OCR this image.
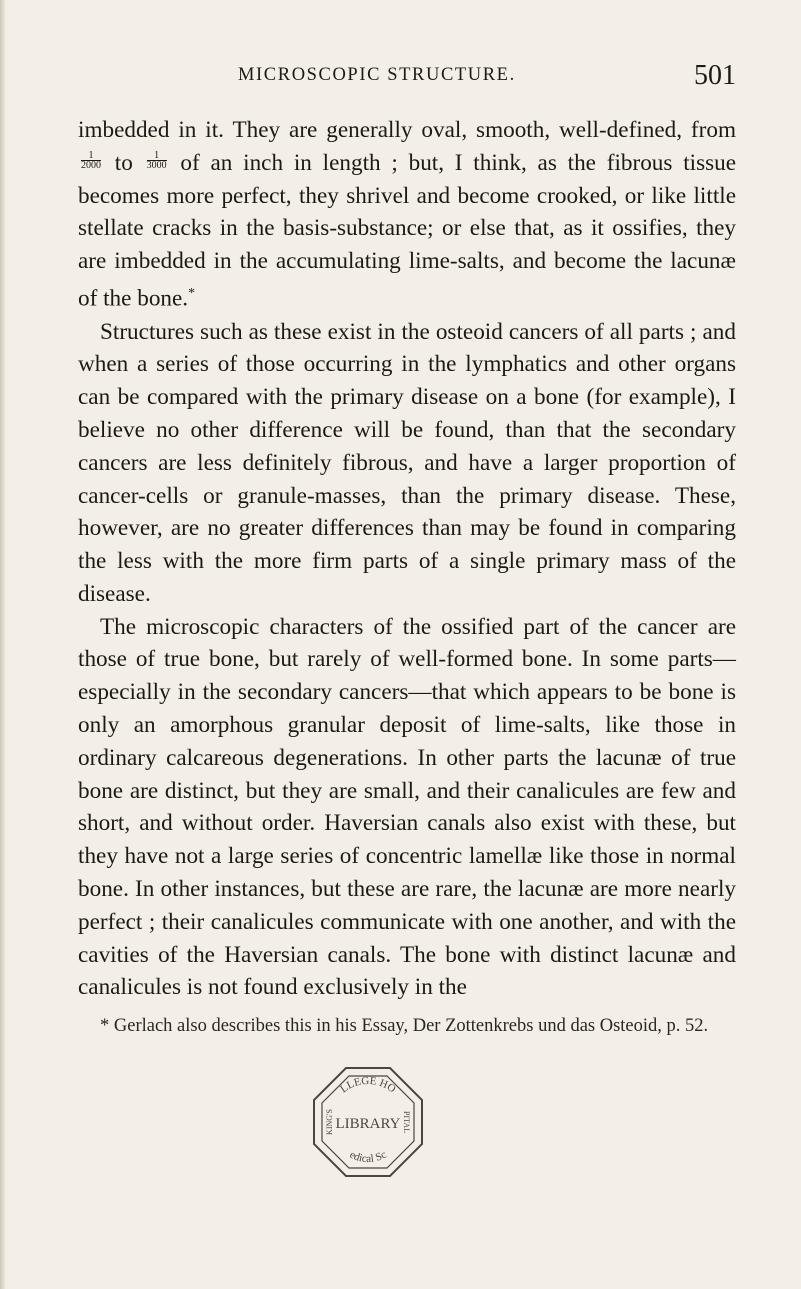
MICROSCOPIC STRUCTURE.	501

imbedded in it. They are generally oval, smooth, well-defined, from
$\frac{1}{2000}$ to $\frac{1}{3000}$ of an inch in length ; but, I think, as the fibrous tissue becomes more perfect, they shrivel and become crooked, or like little stellate cracks in the basis-substance; or else that, as it ossifies, they are imbedded in the accumulating lime-salts, and become the lacunæ of the bone.*

Structures such as these exist in the osteoid cancers of all parts ; and when a series of those occurring in the lymphatics and other organs can be compared with the primary disease on a bone (for example), I believe no other difference will be found, than that the secondary cancers are less definitely fibrous, and have a larger proportion of cancer-cells or granule-masses, than the primary disease. These, however, are no greater differences than may be found in comparing the less with the more firm parts of a single primary mass of the disease.

The microscopic characters of the ossified part of the cancer are those of true bone, but rarely of well-formed bone. In some parts—especially in the secondary cancers—that which appears to be bone is only an amorphous granular deposit of lime-salts, like those in ordinary calcareous degenerations. In other parts the lacunæ of true bone are distinct, but they are small, and their canalicules are few and short, and without order. Haversian canals also exist with these, but they have not a large series of concentric lamellæ like those in normal bone. In other instances, but these are rare, the lacunæ are more nearly perfect ; their canalicules communicate with one another, and with the cavities of the Haversian canals. The bone with distinct lacunæ and canalicules is not found exclusively in the

* Gerlach also describes this in his Essay, Der Zottenkrebs und das Osteoid, p. 52.
LLEGE HO
edical Sc
LIBRARY
KING'S	PITAL
